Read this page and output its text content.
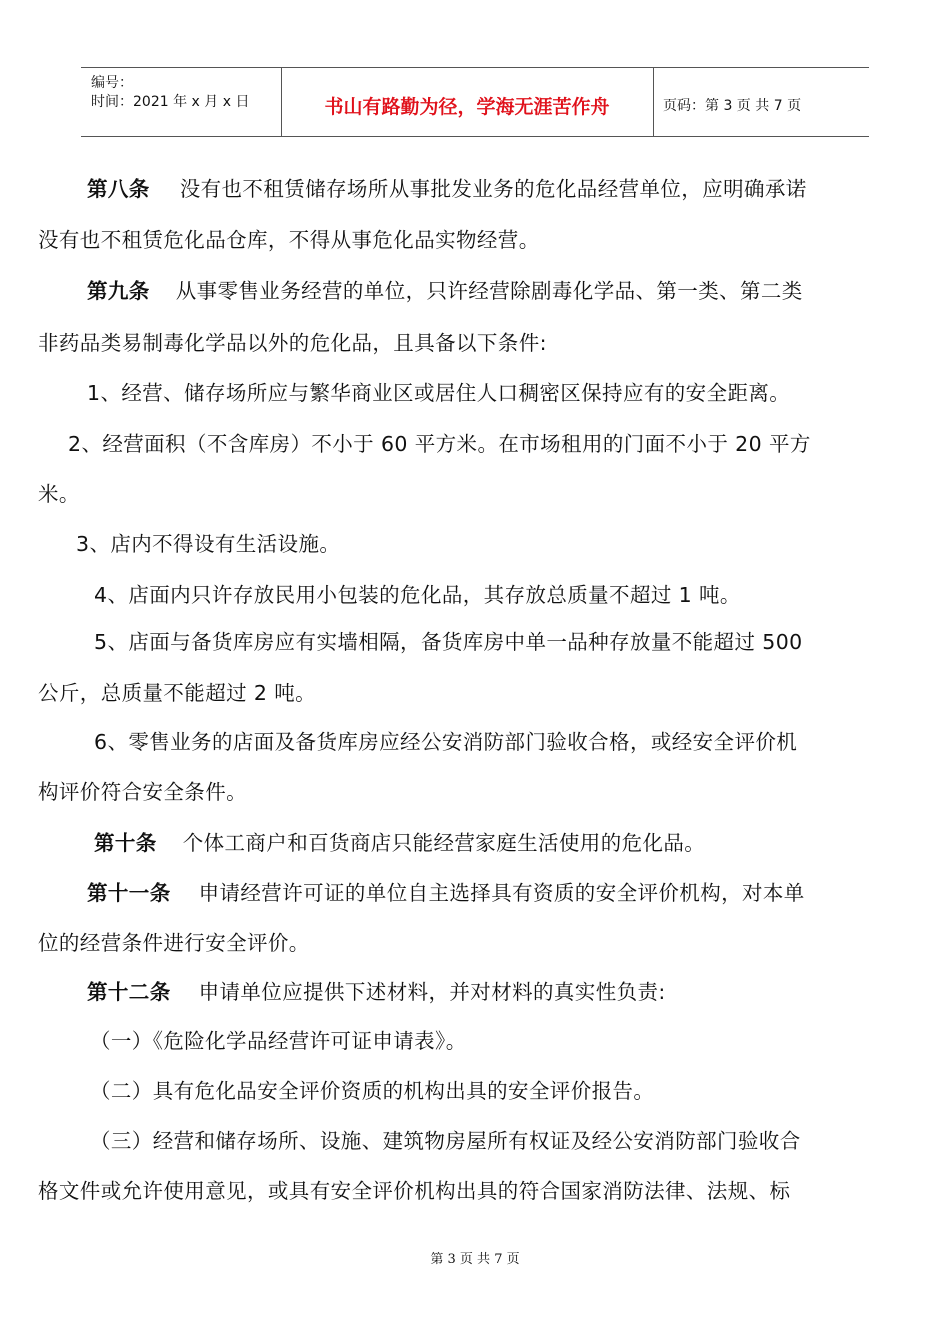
编号：
时间：2021 年 x 月 x 日	书山有路勤为径，学海无涯苦作舟	页码：第 3 页 共 7 页
第八条 没有也不租赁储存场所从事批发业务的危化品经营单位，应明确承诺
没有也不租赁危化品仓库，不得从事危化品实物经营。
第九条 从事零售业务经营的单位，只许经营除剧毒化学品、第一类、第二类
非药品类易制毒化学品以外的危化品，且具备以下条件:
1、经营、储存场所应与繁华商业区或居住人口稠密区保持应有的安全距离。
2、经营面积（不含库房）不小于 60 平方米。在市场租用的门面不小于 20 平方
米。
3、店内不得设有生活设施。
4、店面内只许存放民用小包装的危化品，其存放总质量不超过 1 吨。
5、店面与备货库房应有实墙相隔，备货库房中单一品种存放量不能超过 500
公斤，总质量不能超过 2 吨。
6、零售业务的店面及备货库房应经公安消防部门验收合格，或经安全评价机
构评价符合安全条件。
第十条 个体工商户和百货商店只能经营家庭生活使用的危化品。
第十一条 申请经营许可证的单位自主选择具有资质的安全评价机构，对本单
位的经营条件进行安全评价。
第十二条 申请单位应提供下述材料，并对材料的真实性负责:
（一）《危险化学品经营许可证申请表》。
（二）具有危化品安全评价资质的机构出具的安全评价报告。
（三）经营和储存场所、设施、建筑物房屋所有权证及经公安消防部门验收合
格文件或允许使用意见，或具有安全评价机构出具的符合国家消防法律、法规、标
第 3 页 共 7 页
